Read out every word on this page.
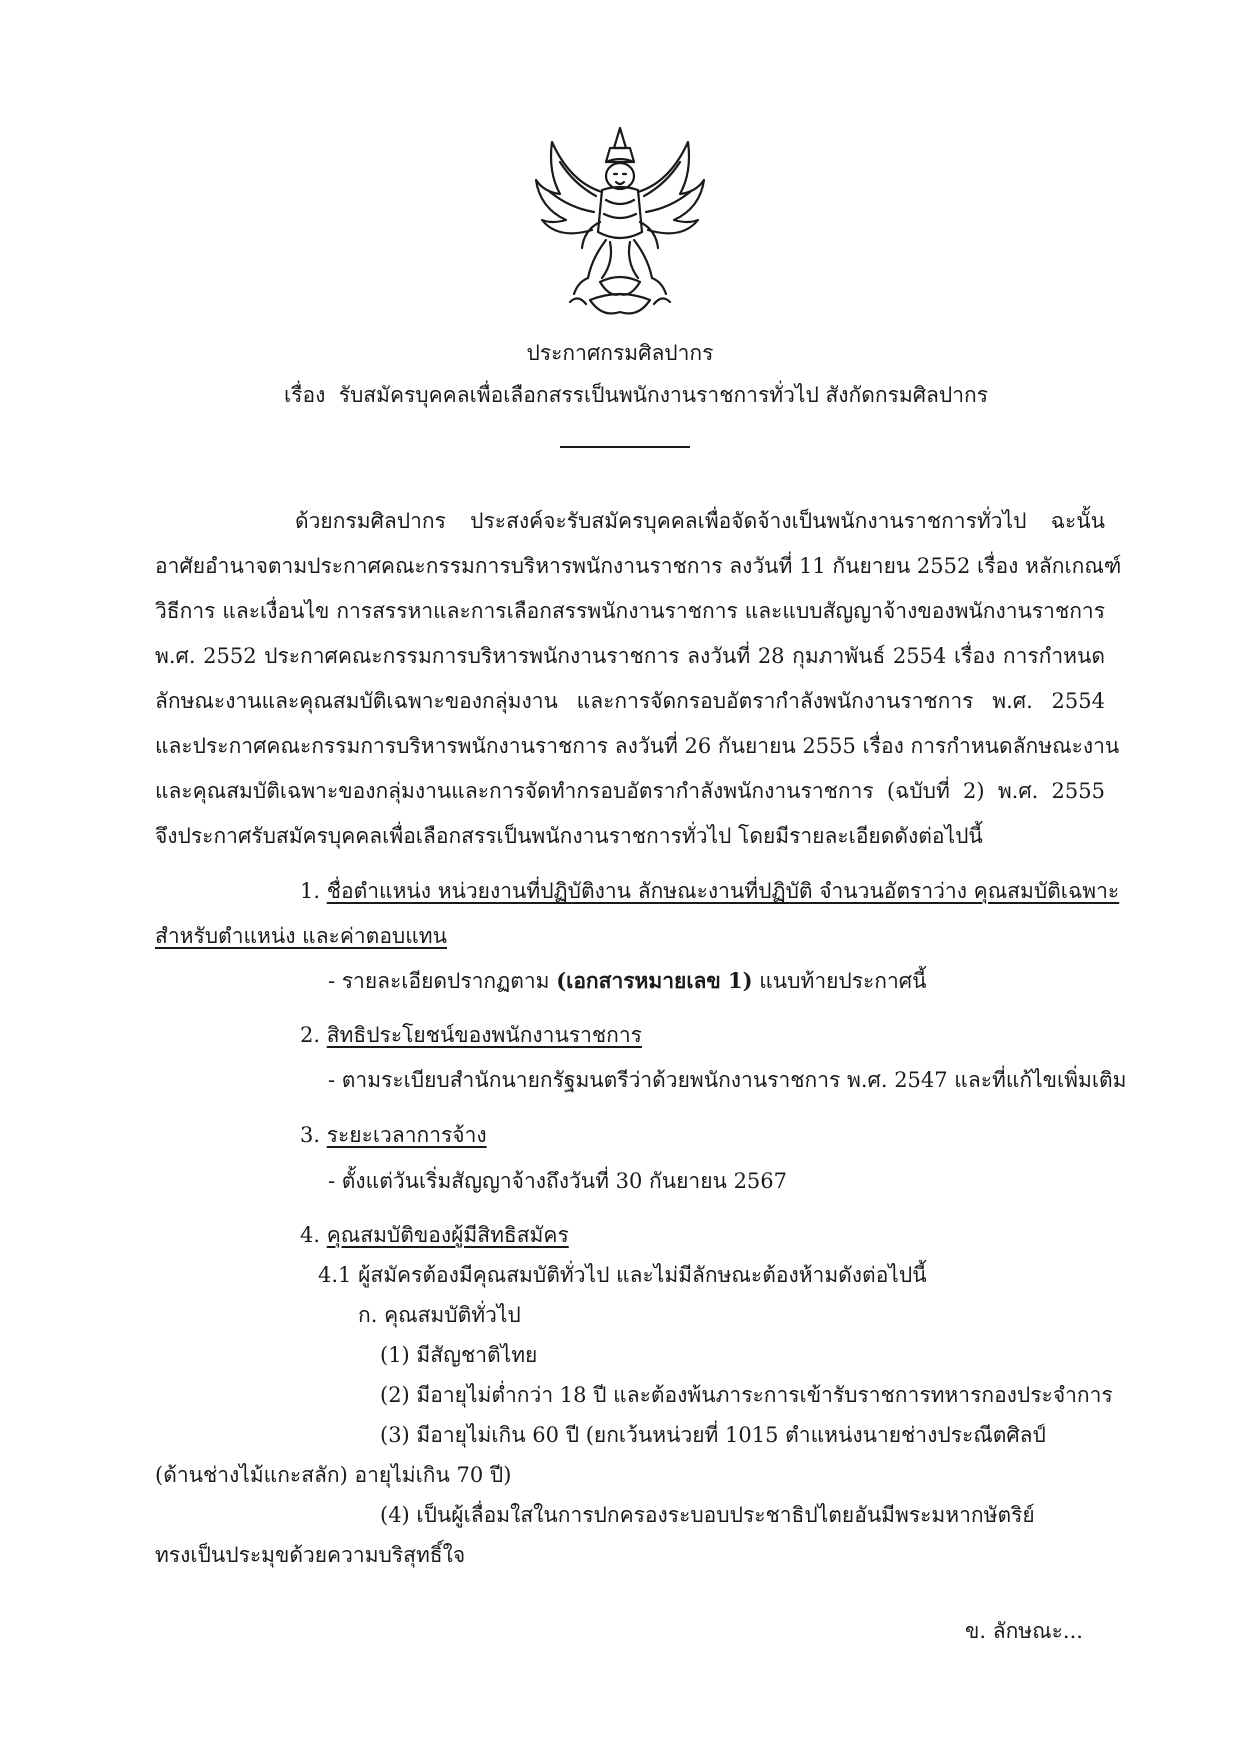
ประกาศกรมศิลปากร
เรื่อง รับสมัครบุคคลเพื่อเลือกสรรเป็นพนักงานราชการทั่วไป สังกัดกรมศิลปากร
ด้วยกรมศิลปากร ประสงค์จะรับสมัครบุคคลเพื่อจัดจ้างเป็นพนักงานราชการทั่วไป ฉะนั้น
อาศัยอำนาจตามประกาศคณะกรรมการบริหารพนักงานราชการ ลงวันที่ 11 กันยายน 2552 เรื่อง หลักเกณฑ์
วิธีการ และเงื่อนไข การสรรหาและการเลือกสรรพนักงานราชการ และแบบสัญญาจ้างของพนักงานราชการ
พ.ศ. 2552 ประกาศคณะกรรมการบริหารพนักงานราชการ ลงวันที่ 28 กุมภาพันธ์ 2554 เรื่อง การกำหนด
ลักษณะงานและคุณสมบัติเฉพาะของกลุ่มงาน และการจัดกรอบอัตรากำลังพนักงานราชการ พ.ศ. 2554
และประกาศคณะกรรมการบริหารพนักงานราชการ ลงวันที่ 26 กันยายน 2555 เรื่อง การกำหนดลักษณะงาน
และคุณสมบัติเฉพาะของกลุ่มงานและการจัดทำกรอบอัตรากำลังพนักงานราชการ (ฉบับที่ 2) พ.ศ. 2555
จึงประกาศรับสมัครบุคคลเพื่อเลือกสรรเป็นพนักงานราชการทั่วไป โดยมีรายละเอียดดังต่อไปนี้
1. ชื่อตำแหน่ง หน่วยงานที่ปฏิบัติงาน ลักษณะงานที่ปฏิบัติ จำนวนอัตราว่าง คุณสมบัติเฉพาะ
สำหรับตำแหน่ง และค่าตอบแทน
- รายละเอียดปรากฏตาม (เอกสารหมายเลข 1) แนบท้ายประกาศนี้
2. สิทธิประโยชน์ของพนักงานราชการ
- ตามระเบียบสำนักนายกรัฐมนตรีว่าด้วยพนักงานราชการ พ.ศ. 2547 และที่แก้ไขเพิ่มเติม
3. ระยะเวลาการจ้าง
- ตั้งแต่วันเริ่มสัญญาจ้างถึงวันที่ 30 กันยายน 2567
4. คุณสมบัติของผู้มีสิทธิสมัคร
4.1 ผู้สมัครต้องมีคุณสมบัติทั่วไป และไม่มีลักษณะต้องห้ามดังต่อไปนี้
ก. คุณสมบัติทั่วไป
(1) มีสัญชาติไทย
(2) มีอายุไม่ต่ำกว่า 18 ปี และต้องพ้นภาระการเข้ารับราชการทหารกองประจำการ
(3) มีอายุไม่เกิน 60 ปี (ยกเว้นหน่วยที่ 1015 ตำแหน่งนายช่างประณีตศิลป์
(ด้านช่างไม้แกะสลัก) อายุไม่เกิน 70 ปี)
(4) เป็นผู้เลื่อมใสในการปกครองระบอบประชาธิปไตยอันมีพระมหากษัตริย์
ทรงเป็นประมุขด้วยความบริสุทธิ์ใจ
ข. ลักษณะ...
